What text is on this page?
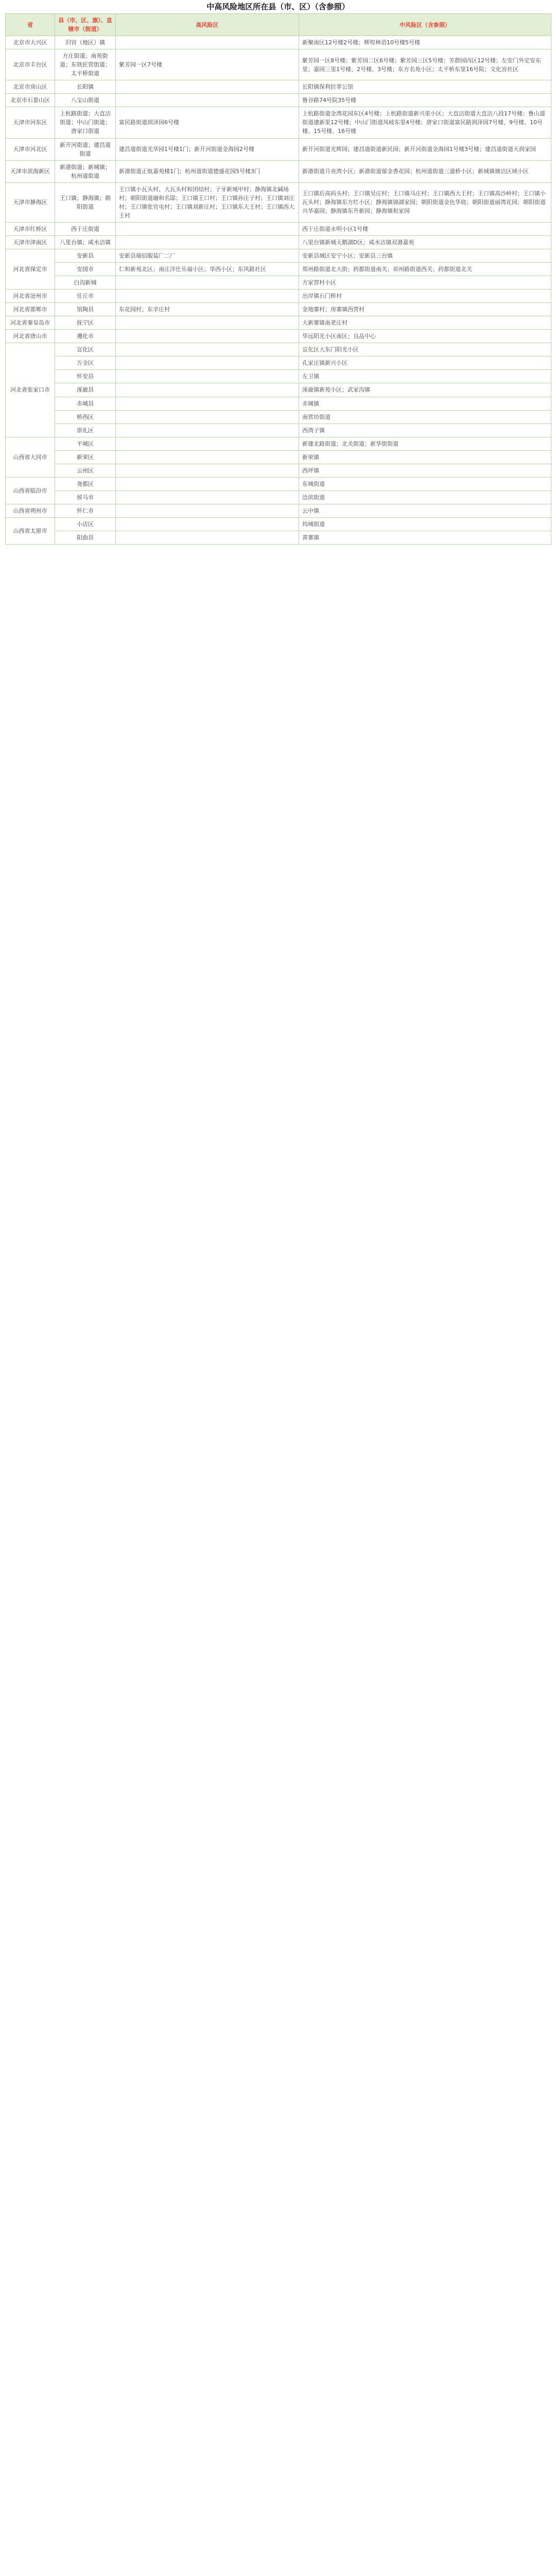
中高风险地区所在县（市、区）（含参照）
省	县（市、区、旗）、直辖市（街道）	高风险区	中风险区（含参照）
北京市大兴区	旧宫（地区）镇		新聚南区12号楼2号楼；辉煌林语10号楼5号楼
北京市丰台区	方庄街道；南苑街道；东铁匠营街道；太平桥街道	紫芳园一区7号楼	紫芳园一区8号楼；紫芳园二区6号楼；紫芳园三区5号楼；芳群园四区12号楼；左安门外定安东里；嘉园三里1号楼、2号楼、3号楼；东方名苑小区；太平桥东里16号院；文化宫社区
北京市房山区	长阳镇		长阳镇保利拉菲公馆
北京市石景山区	八宝山街道		鲁谷路74号院35号楼
天津市河东区	上杭路街道；大直沽街道；中山门街道；唐家口街道	富民路街道润泽园6号楼	上杭路街道金湾花园东区4号楼；上杭路街道新兴里小区；大直沽街道大直沽八段17号楼；鲁山道街道建新里12号楼；中山门街道凤岐东里4号楼；唐家口街道富民路润泽园7号楼、9号楼、10号楼、15号楼、16号楼
天津市河北区	新开河街道；建昌道街道	建昌道街道光华园1号楼1门；新开河街道金海园2号楼	新开河街道光辉园；建昌道街道新民园；新开河街道金海园1号楼3号楼；建昌道街道天润家园
天津市滨海新区	新港街道；新城镇；杭州道街道	新港街道正航嘉苑楼1门；杭州道街道德盛花园5号楼3门	新港街道月亮湾小区；新港街道郁金香花园；杭州道街道三道桥小区；新城镇塘沽区域小区
天津市静海区	王口镇；静海镇；朝阳街道	王口镇小瓦头村、大瓦头村和团结村；子牙新城甲村；静海镇北碱场村；朝阳街道融和名邸；王口镇王口村；王口镇孙庄子村；王口镇刘庄村；王口镇张官屯村；王口镇刘新庄村；王口镇东大王村；王口镇西大王村	王口镇后高码头村；王口镇吴庄村；王口镇马庄村；王口镇西大王村；王口镇高沙岭村；王口镇小瓦头村；静海镇东方红小区；静海镇锦湖家园；朝阳街道金色华庭；朝阳街道丽湾花园；朝阳街道兴华嘉园；静海镇东升新园；静海镇和家园
天津市红桥区	西于庄街道		西于庄街道永明小区1号楼
天津市津南区	八里台镇；咸水沽镇		八里台镇新城天鹅湖D区；咸水沽镇双港嘉苑
河北省保定市	安新县	安新县瑞佰服装厂二厂	安新县城区安宁小区；安新县三台镇
	安国市	仁和新苑北区；南庄洋仕乐福小区；华西小区；东风路社区	郑州路街道北大街；药都街道南关；祁州路街道西关；药都街道北关
	白沟新城		方家营村小区
河北省沧州市	任丘市		出岸镇石门桥村
河北省邯郸市	馆陶县	东花园村；东辛庄村	金地寨村；房寨镇西营村
河北省秦皇岛市	抚宁区		大新寨镇南老庄村
河北省唐山市	遵化市		华远阳光小区南区；良品中心
河北省张家口市	宣化区		宣化区大东门阳光小区
	万全区		孔家庄镇新兴小区
	怀安县		左卫镇
	涿鹿县		涿鹿镇新苑小区；武家沟镇
	赤城县		赤城镇
	桥西区		南营坊街道
	崇礼区		西湾子镇
山西省大同市	平城区		新建北路街道；北关街道；新华街街道
	新荣区		新荣镇
	云州区		西坪镇
山西省临汾市	尧都区		东城街道
	侯马市		浍滨街道
山西省朔州市	怀仁市		云中镇
山西省太原市	小店区		坞城街道
	阳曲县		黄寨镇
